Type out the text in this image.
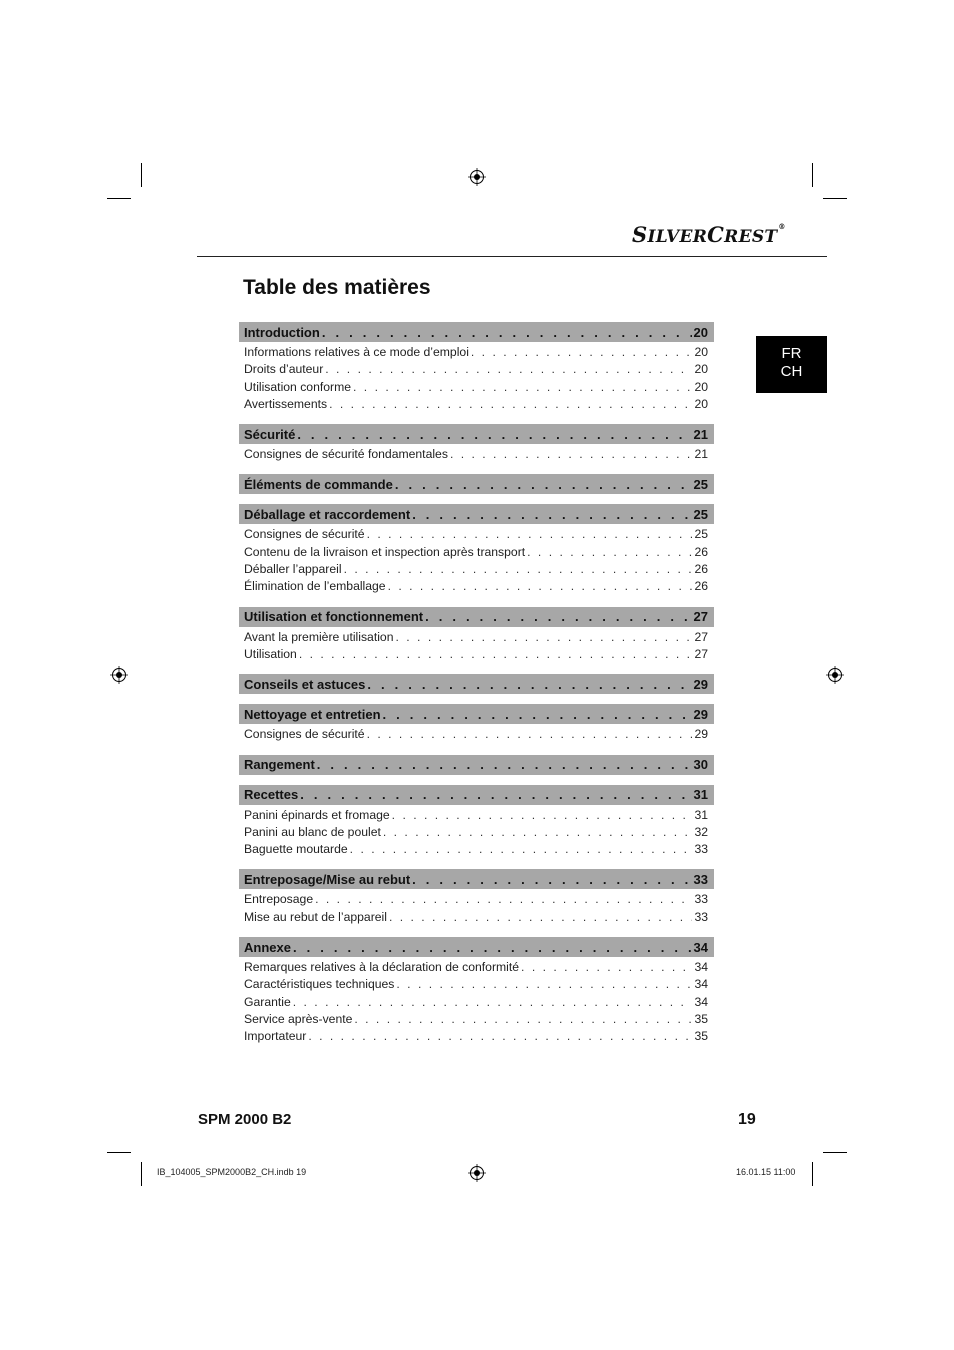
SILVERCREST®
Table des matières
FR
CH
Introduction . . .	20
Informations relatives à ce mode d’emploi . . .	20
Droits d’auteur . . .	20
Utilisation conforme . . .	20
Avertissements . . .	20
Sécurité . . .	21
Consignes de sécurité fondamentales . . .	21
Éléments de commande . . .	25
Déballage et raccordement . . .	25
Consignes de sécurité . . .	25
Contenu de la livraison et inspection après transport . . .	26
Déballer l’appareil . . .	26
Élimination de l’emballage . . .	26
Utilisation et fonctionnement . . .	27
Avant la première utilisation . . .	27
Utilisation . . .	27
Conseils et astuces . . .	29
Nettoyage et entretien . . .	29
Consignes de sécurité . . .	29
Rangement . . .	30
Recettes . . .	31
Panini épinards et fromage . . .	31
Panini au blanc de poulet . . .	32
Baguette moutarde . . .	33
Entreposage/Mise au rebut . . .	33
Entreposage . . .	33
Mise au rebut de l’appareil . . .	33
Annexe . . .	34
Remarques relatives à la déclaration de conformité . . .	34
Caractéristiques techniques . . .	34
Garantie . . .	34
Service après-vente . . .	35
Importateur . . .	35
SPM 2000 B2	19
IB_104005_SPM2000B2_CH.indb 19	16.01.15 11:00
